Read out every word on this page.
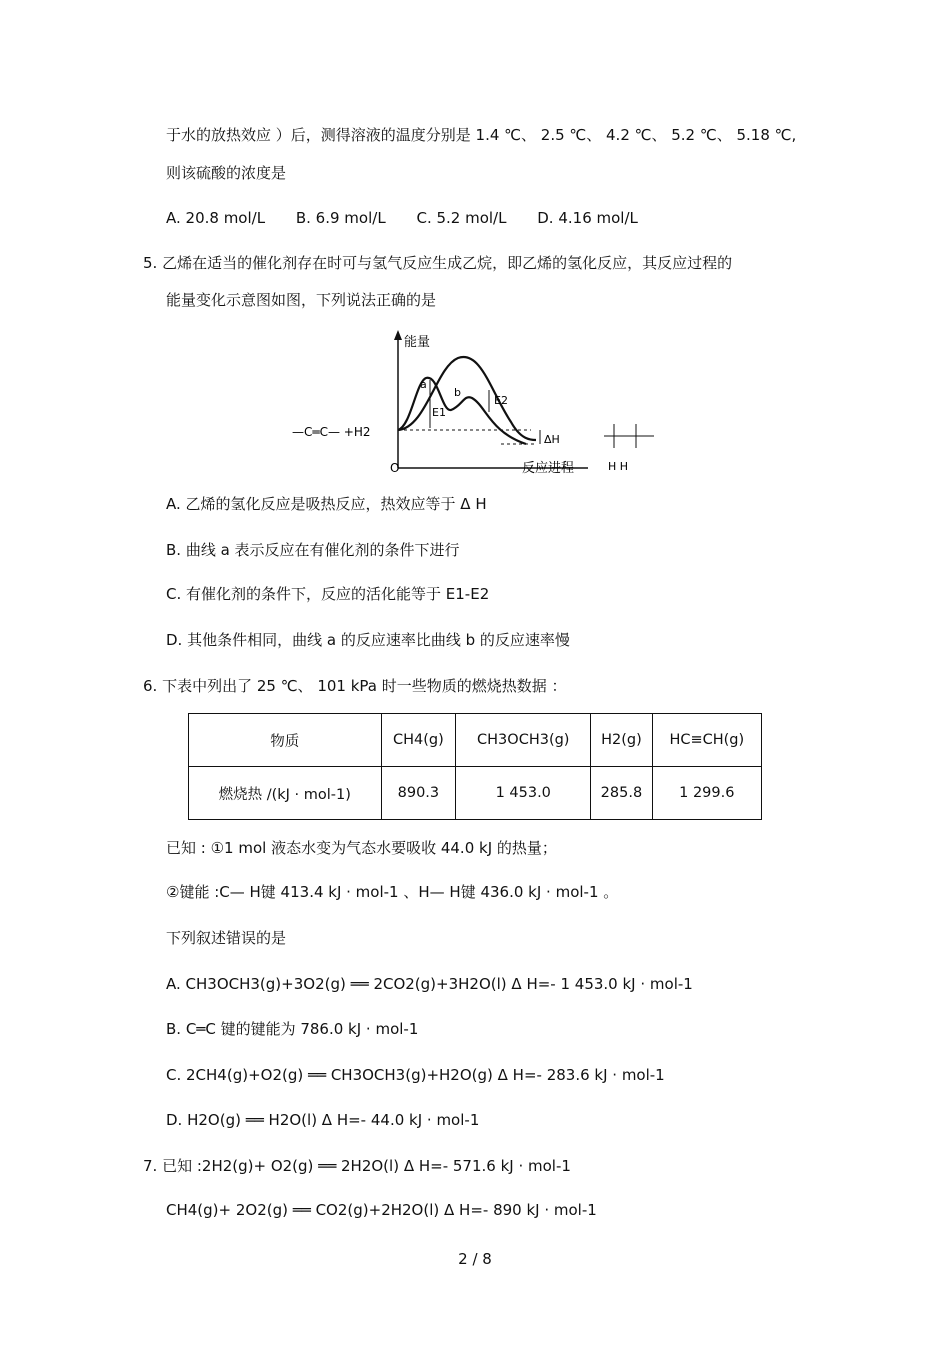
于水的放热效应 ）后，测得溶液的温度分别是 1.4 ℃、 2.5 ℃、 4.2 ℃、 5.2 ℃、 5.18 ℃,
则该硫酸的浓度是
A. 20.8 mol/L B. 6.9 mol/L C. 5.2 mol/L D. 4.16 mol/L
5. 乙烯在适当的催化剂存在时可与氢气反应生成乙烷，即乙烯的氢化反应，其反应过程的
能量变化示意图如图，下列说法正确的是
能量
反应进程
O
a
b
E1
E2
ΔH
—C═C— +H2
H H
A. 乙烯的氢化反应是吸热反应，热效应等于 Δ H
B. 曲线 a 表示反应在有催化剂的条件下进行
C. 有催化剂的条件下，反应的活化能等于 E1-E2
D. 其他条件相同，曲线 a 的反应速率比曲线 b 的反应速率慢
6. 下表中列出了 25 ℃、 101 kPa 时一些物质的燃烧热数据 ：
物质	CH4(g)	CH3OCH3(g)	H2(g)	HC≡CH(g)
燃烧热 /(kJ · mol-1)	890.3	1 453.0	285.8	1 299.6
已知 : ①1 mol 液态水变为气态水要吸收 44.0 kJ 的热量；
②键能 :C— H键 413.4 kJ · mol-1 、H— H键 436.0 kJ · mol-1 。
下列叙述错误的是
A. CH3OCH3(g)+3O2(g) ══ 2CO2(g)+3H2O(l) Δ H=- 1 453.0 kJ · mol-1
B. C═C 键的键能为 786.0 kJ · mol-1
C. 2CH4(g)+O2(g) ══ CH3OCH3(g)+H2O(g) Δ H=- 283.6 kJ · mol-1
D. H2O(g) ══ H2O(l) Δ H=- 44.0 kJ · mol-1
7. 已知 :2H2(g)+ O2(g) ══ 2H2O(l) Δ H=- 571.6 kJ · mol-1
CH4(g)+ 2O2(g) ══ CO2(g)+2H2O(l) Δ H=- 890 kJ · mol-1
2 / 8
